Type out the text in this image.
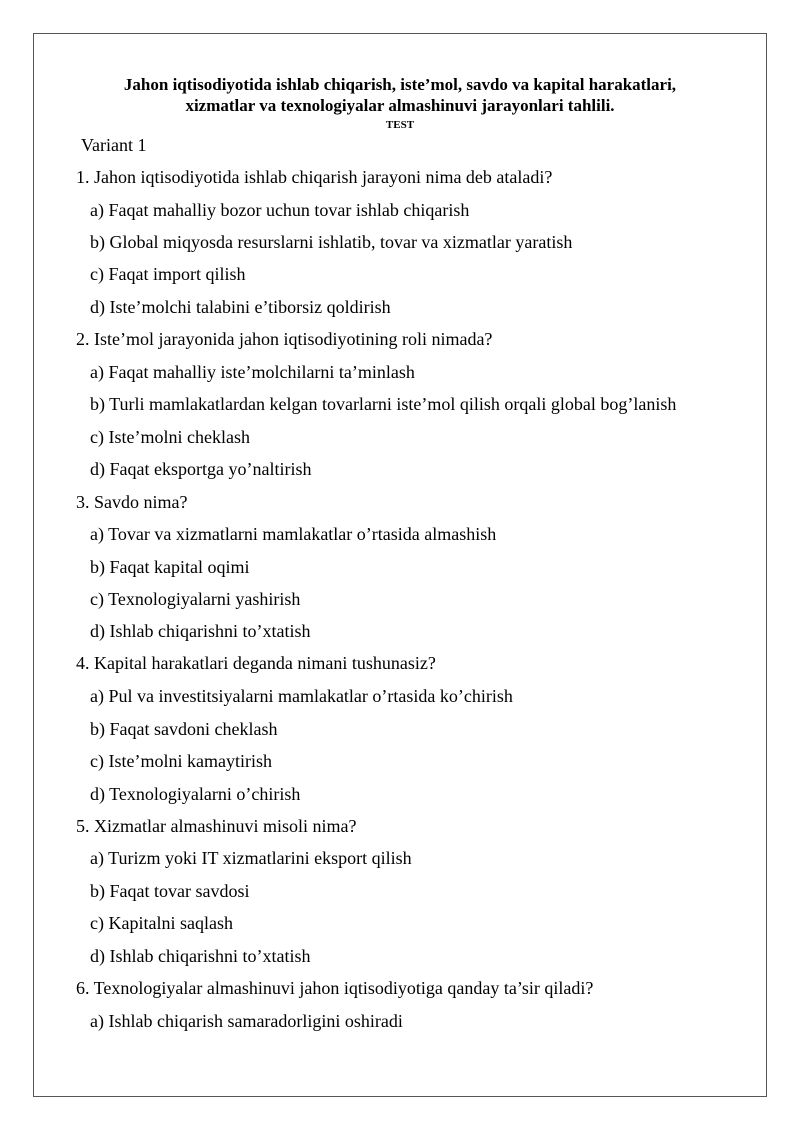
Jahon iqtisodiyotida ishlab chiqarish, iste’mol, savdo va kapital harakatlari,
xizmatlar va texnologiyalar almashinuvi jarayonlari tahlili.
TEST
Variant 1
1. Jahon iqtisodiyotida ishlab chiqarish jarayoni nima deb ataladi?
a) Faqat mahalliy bozor uchun tovar ishlab chiqarish
b) Global miqyosda resurslarni ishlatib, tovar va xizmatlar yaratish
c) Faqat import qilish
d) Iste’molchi talabini e’tiborsiz qoldirish
2. Iste’mol jarayonida jahon iqtisodiyotining roli nimada?
a) Faqat mahalliy iste’molchilarni ta’minlash
b) Turli mamlakatlardan kelgan tovarlarni iste’mol qilish orqali global bog’lanish
c) Iste’molni cheklash
d) Faqat eksportga yo’naltirish
3. Savdo nima?
a) Tovar va xizmatlarni mamlakatlar o’rtasida almashish
b) Faqat kapital oqimi
c) Texnologiyalarni yashirish
d) Ishlab chiqarishni to’xtatish
4. Kapital harakatlari deganda nimani tushunasiz?
a) Pul va investitsiyalarni mamlakatlar o’rtasida ko’chirish
b) Faqat savdoni cheklash
c) Iste’molni kamaytirish
d) Texnologiyalarni o’chirish
5. Xizmatlar almashinuvi misoli nima?
a) Turizm yoki IT xizmatlarini eksport qilish
b) Faqat tovar savdosi
c) Kapitalni saqlash
d) Ishlab chiqarishni to’xtatish
6. Texnologiyalar almashinuvi jahon iqtisodiyotiga qanday ta’sir qiladi?
a) Ishlab chiqarish samaradorligini oshiradi
